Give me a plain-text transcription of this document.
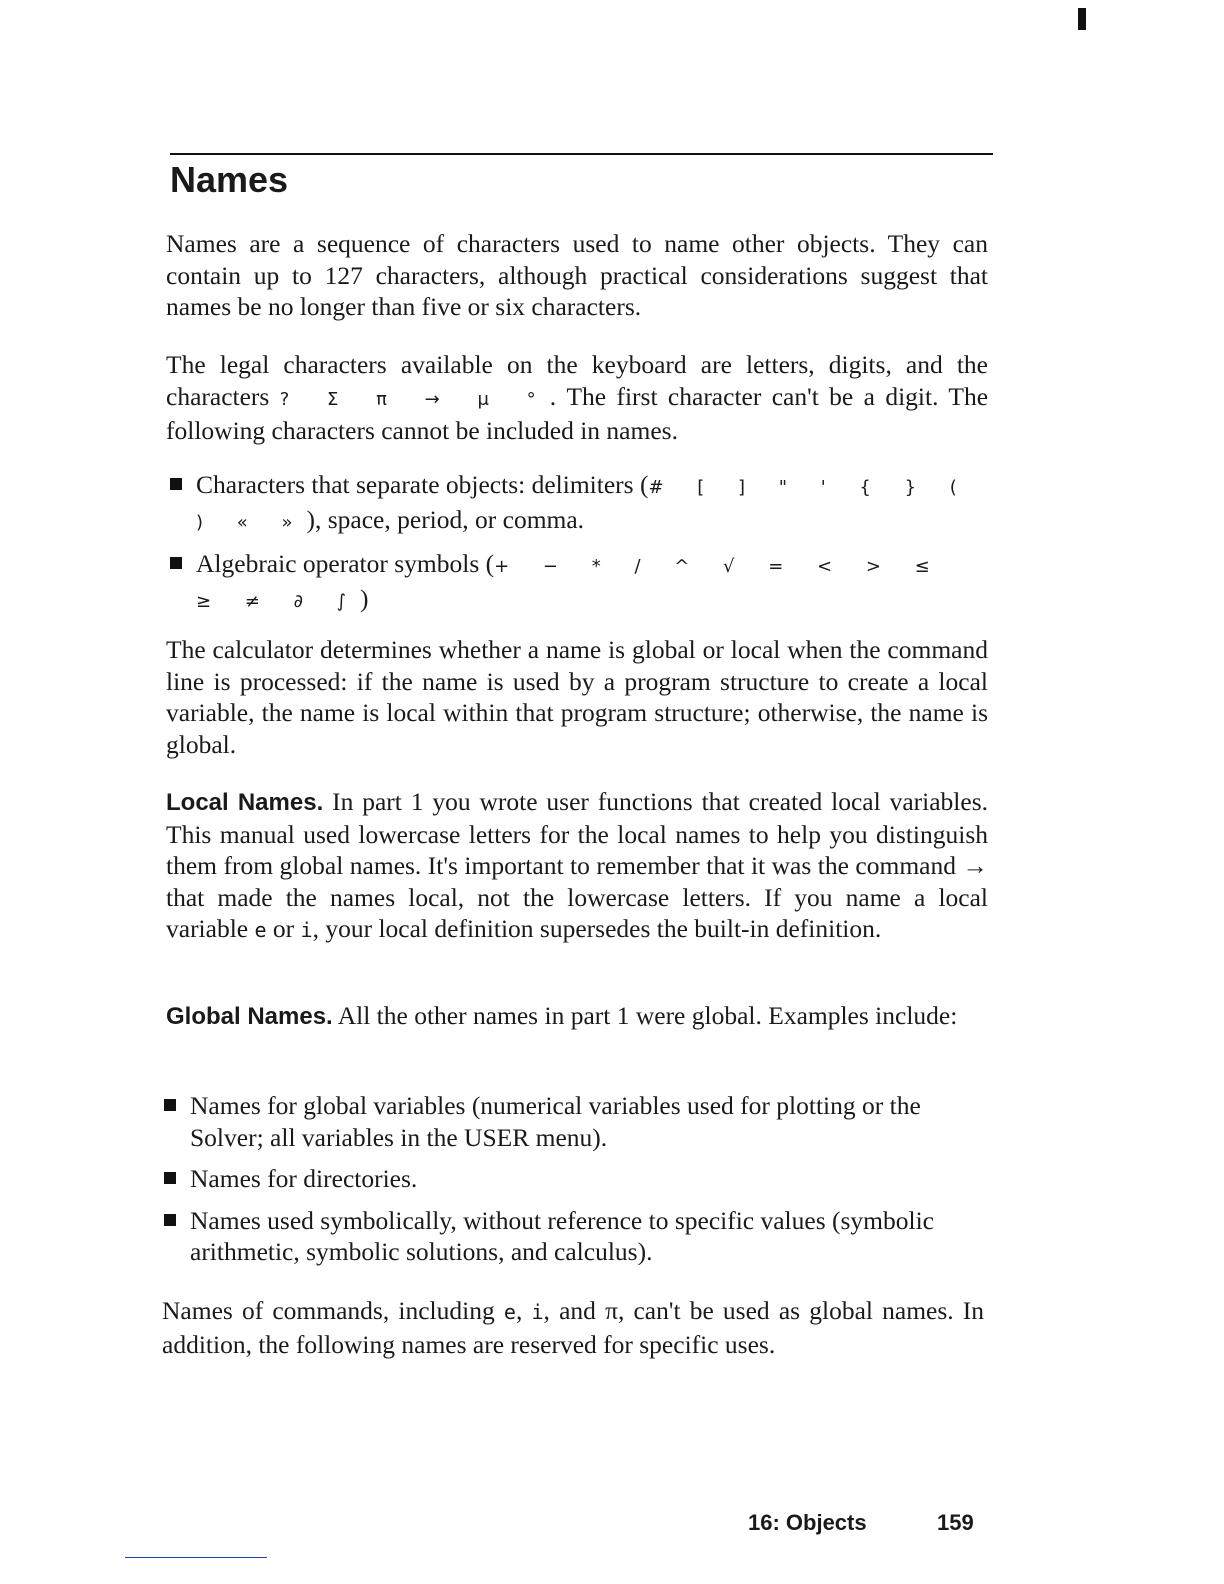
Names

Names are a sequence of characters used to name other objects. They can contain up to 127 characters, although practical considerations suggest that names be no longer than five or six characters.

The legal characters available on the keyboard are letters, digits, and the characters ? Σ π → μ °. The first character can't be a digit. The following characters cannot be included in names.

Characters that separate objects: delimiters (# [ ] " ' { } ( ) « »), space, period, or comma.
Algebraic operator symbols (+ − * / ^ √ = < > ≤ ≥ ≠ ∂ ∫)

The calculator determines whether a name is global or local when the command line is processed: if the name is used by a program structure to create a local variable, the name is local within that program structure; otherwise, the name is global.

Local Names. In part 1 you wrote user functions that created local variables. This manual used lowercase letters for the local names to help you distinguish them from global names. It's important to remember that it was the command → that made the names local, not the lowercase letters. If you name a local variable e or i, your local definition supersedes the built-in definition.

Global Names. All the other names in part 1 were global. Examples include:

Names for global variables (numerical variables used for plotting or the Solver; all variables in the USER menu).
Names for directories.
Names used symbolically, without reference to specific values (symbolic arithmetic, symbolic solutions, and calculus).

Names of commands, including e, i, and π, can't be used as global names. In addition, the following names are reserved for specific uses.

16: Objects	159
